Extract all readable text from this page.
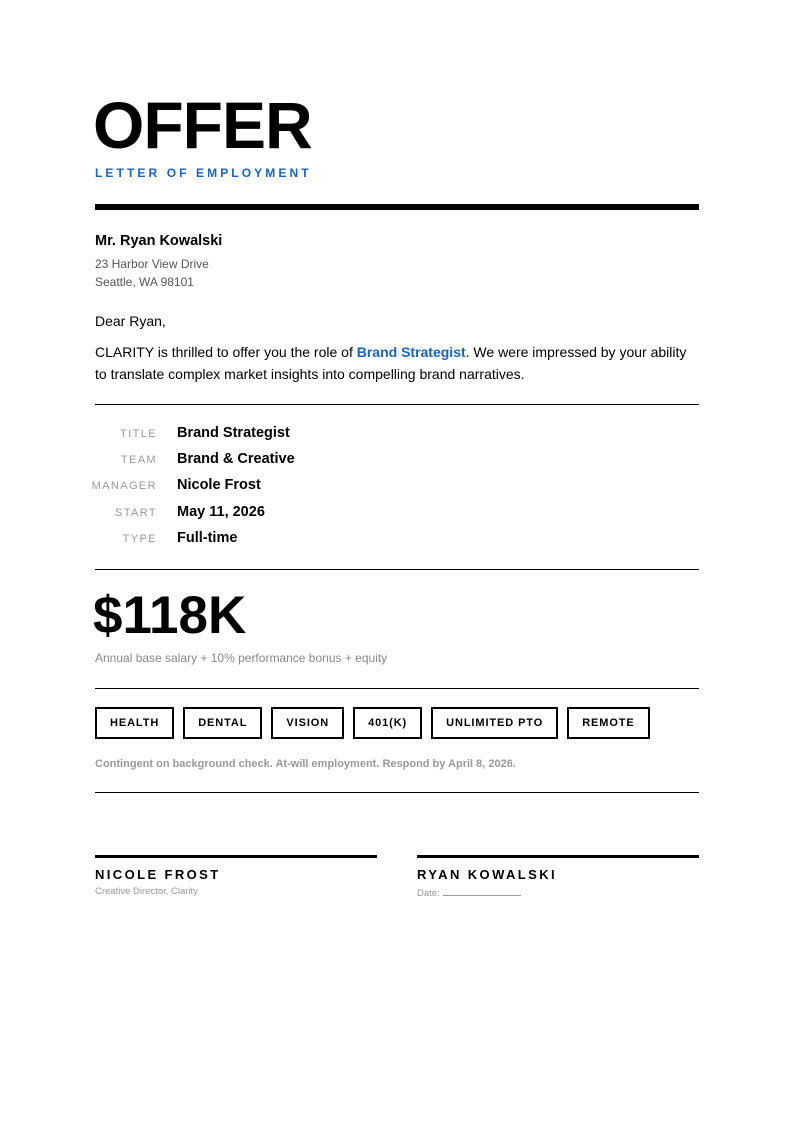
OFFER
LETTER OF EMPLOYMENT
Mr. Ryan Kowalski
23 Harbor View Drive
Seattle, WA 98101
Dear Ryan,

CLARITY is thrilled to offer you the role of Brand Strategist. We were impressed by your ability to translate complex market insights into compelling brand narratives.

TITLE Brand Strategist
TEAM Brand & Creative
MANAGER Nicole Frost
START May 11, 2026
TYPE Full-time
$118K
Annual base salary + 10% performance bonus + equity
HEALTH	DENTAL	VISION	401(K)	UNLIMITED PTO	REMOTE
Contingent on background check. At-will employment. Respond by April 8, 2026.
NICOLE FROST
Creative Director, Clarity
RYAN KOWALSKI
Date:
